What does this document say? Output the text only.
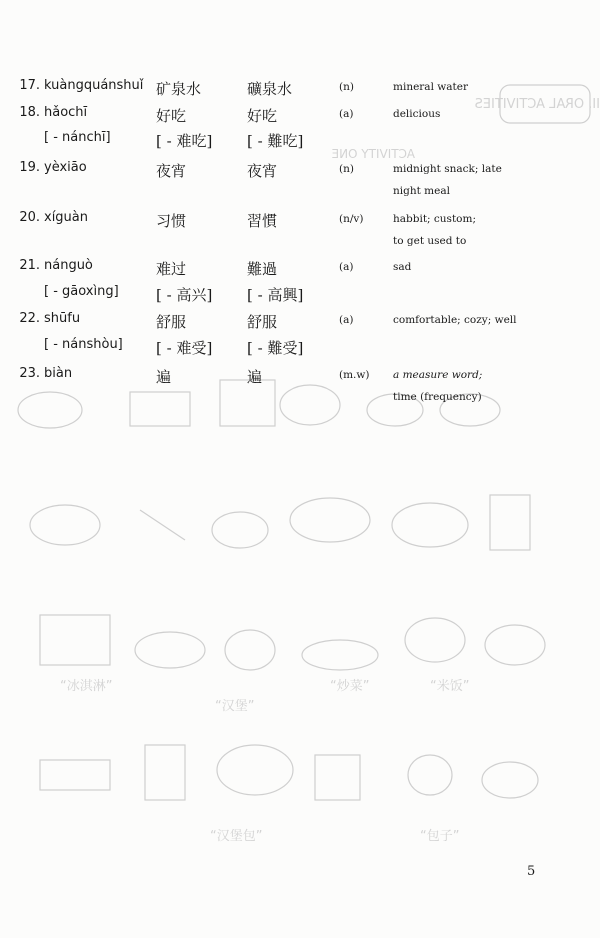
II. ORAL ACTIVITIES
ACTIVITY ONE
“冰淇淋”
“汉堡”
“炒菜”	“米饭”
“汉堡包”	“包子”
17. kuàngquánshuǐ 矿泉水	礦泉水	(n)	mineral water
18. hǎochī	好吃	好吃	(a)	delicious
[ - nánchī]	[ - 难吃] [ - 難吃]
19. yèxiāo	夜宵	夜宵	(n)	midnight snack; late
night meal
20. xíguàn	习惯	習慣	(n/v)	habbit; custom;
to get used to
21. nánguò	难过	難過	(a)	sad
[ - gāoxìng] [ - 高兴] [ - 高興]
22. shūfu	舒服	舒服	(a)	comfortable; cozy; well
[ - nánshòu] [ - 难受] [ - 難受]
23. biàn	遍	遍	(m.w) a measure word;
time (frequency)
5
